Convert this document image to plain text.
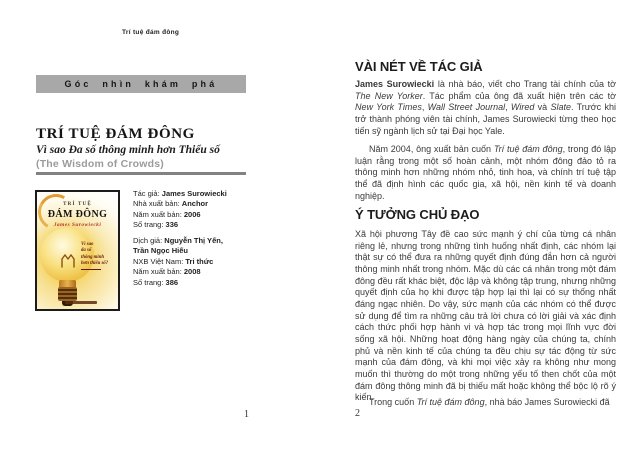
Trí tuệ đám đông
Góc nhìn khám phá
TRÍ TUỆ ĐÁM ĐÔNG
Vì sao Đa số thông minh hơn Thiểu số
(The Wisdom of Crowds)
TRÍ TUỆ
ĐÁM ĐÔNG
James Surowiecki
Vì sao
đa số
thông minh
hơn thiểu số?
Tác giả: James Surowiecki
Nhà xuất bản: Anchor
Năm xuất bản: 2006
Số trang: 336
Dịch giả: Nguyễn Thị Yến,
Trần Ngọc Hiếu
NXB Việt Nam: Tri thức
Năm xuất bản: 2008
Số trang: 386
1
VÀI NÉT VỀ TÁC GIẢ
James Surowiecki là nhà báo, viết cho Trang tài chính của tờ The New Yorker. Tác phẩm của ông đã xuất hiện trên các tờ New York Times, Wall Street Journal, Wired và Slate. Trước khi trở thành phóng viên tài chính, James Surowiecki từng theo học tiến sỹ ngành lịch sử tại Đại học Yale.
Năm 2004, ông xuất bản cuốn Trí tuệ đám đông, trong đó lập luận rằng trong một số hoàn cảnh, một nhóm đông đảo tỏ ra thông minh hơn những nhóm nhỏ, tinh hoa, và chính trí tuệ tập thể đã định hình các quốc gia, xã hội, nền kinh tế và doanh nghiệp.
Ý TƯỞNG CHỦ ĐẠO
Xã hội phương Tây đề cao sức mạnh ý chí của từng cá nhân riêng lẻ, nhưng trong những tình huống nhất định, các nhóm lại thật sự có thể đưa ra những quyết định đúng đắn hơn cả người thông minh nhất trong nhóm. Mặc dù các cá nhân trong một đám đông đều rất khác biệt, độc lập và không tập trung, nhưng những quyết định của họ khi được tập hợp lại thì lại có sự thống nhất đáng ngạc nhiên. Do vậy, sức mạnh của các nhóm có thể được sử dụng để tìm ra những câu trả lời chưa có lời giải và xác định cách thức phối hợp hành vi và hợp tác trong mọi lĩnh vực đời sống xã hội. Những hoạt động hàng ngày của chúng ta, chính phủ và nền kinh tế của chúng ta đều chịu sự tác động từ sức mạnh của đám đông, và khi mọi việc xảy ra không như mong muốn thì thường do một trong những yếu tố then chốt của một đám đông thông minh đã bị thiếu mất hoặc không thể bộc lộ rõ ý kiến.
Trong cuốn Trí tuệ đám đông, nhà báo James Surowiecki đã
2
